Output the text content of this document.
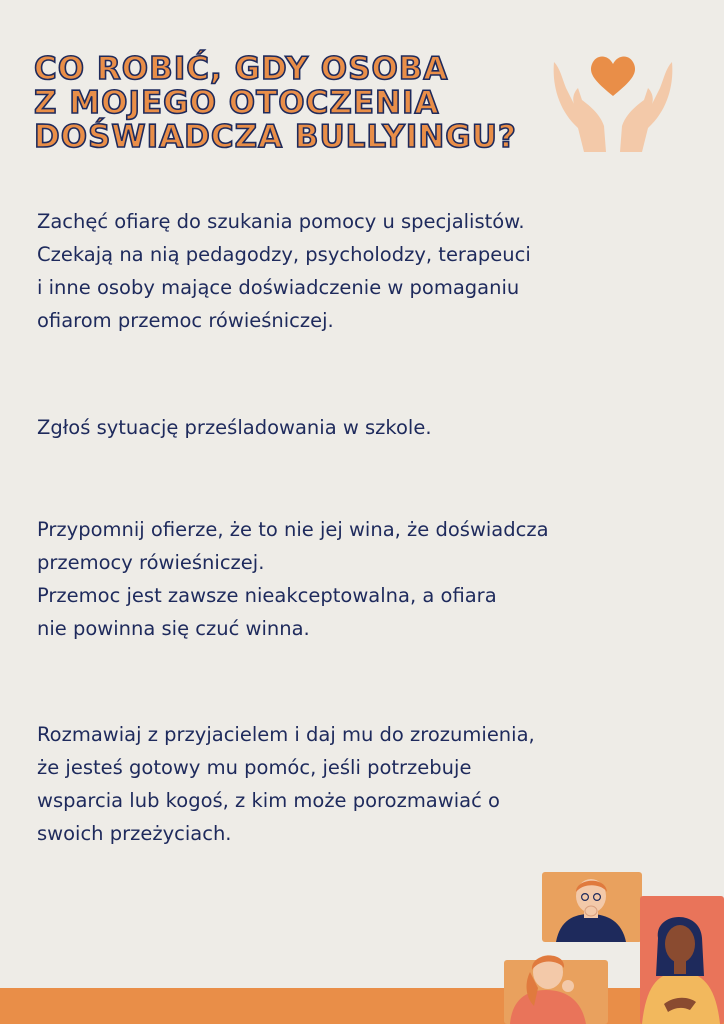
CO ROBIĆ, GDY OSOBA
Z MOJEGO OTOCZENIA
DOŚWIADCZA BULLYINGU?

Zachęć ofiarę do szukania pomocy u specjalistów.
Czekają na nią pedagodzy, psycholodzy, terapeuci
i inne osoby mające doświadczenie w pomaganiu
ofiarom przemoc rówieśniczej.

Zgłoś sytuację prześladowania w szkole.

Przypomnij ofierze, że to nie jej wina, że doświadcza
przemocy rówieśniczej.
Przemoc jest zawsze nieakceptowalna, a ofiara
nie powinna się czuć winna.

Rozmawiaj z przyjacielem i daj mu do zrozumienia,
że jesteś gotowy mu pomóc, jeśli potrzebuje
wsparcia lub kogoś, z kim może porozmawiać o
swoich przeżyciach.
